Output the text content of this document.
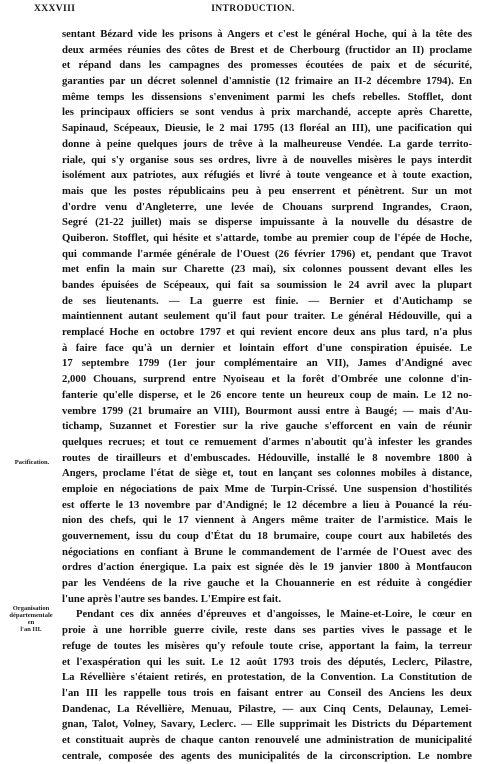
INTRODUCTION.
XXXVIII
Pacification.
Organisation
départementale
en
l'an III.
sentant Bézard vide les prisons à Angers et c'est le général Hoche, qui à la tête des
deux armées réunies des côtes de Brest et de Cherbourg (fructidor an II) proclame
et répand dans les campagnes des promesses écoutées de paix et de sécurité,
garanties par un décret solennel d'amnistie (12 frimaire an II-2 décembre 1794). En
même temps les dissensions s'enveniment parmi les chefs rebelles. Stofflet, dont
les principaux officiers se sont vendus à prix marchandé, accepte après Charette,
Sapinaud, Scépeaux, Dieusie, le 2 mai 1795 (13 floréal an III), une pacification qui
donne à peine quelques jours de trêve à la malheureuse Vendée. La garde territo-
riale, qui s'y organise sous ses ordres, livre à de nouvelles misères le pays interdit
isolément aux patriotes, aux réfugiés et livré à toute vengeance et à toute exaction,
mais que les postes républicains peu à peu enserrent et pénètrent. Sur un mot
d'ordre venu d'Angleterre, une levée de Chouans surprend Ingrandes, Craon,
Segré (21-22 juillet) mais se disperse impuissante à la nouvelle du désastre de
Quiberon. Stofflet, qui hésite et s'attarde, tombe au premier coup de l'épée de Hoche,
qui commande l'armée générale de l'Ouest (26 février 1796) et, pendant que Travot
met enfin la main sur Charette (23 mai), six colonnes poussent devant elles les
bandes épuisées de Scépeaux, qui fait sa soumission le 24 avril avec la plupart
de ses lieutenants. — La guerre est finie. — Bernier et d'Autichamp se
maintiennent autant seulement qu'il faut pour traiter. Le général Hédouville, qui a
remplacé Hoche en octobre 1797 et qui revient encore deux ans plus tard, n'a plus
à faire face qu'à un dernier et lointain effort d'une conspiration épuisée. Le
17 septembre 1799 (1er jour complémentaire an VII), James d'Andigné avec
2,000 Chouans, surprend entre Nyoiseau et la forêt d'Ombrée une colonne d'in-
fanterie qu'elle disperse, et le 26 encore tente un heureux coup de main. Le 12 no-
vembre 1799 (21 brumaire an VIII), Bourmont aussi entre à Baugé; — mais d'Au-
tichamp, Suzannet et Forestier sur la rive gauche s'efforcent en vain de réunir
quelques recrues; et tout ce remuement d'armes n'aboutit qu'à infester les grandes
routes de tirailleurs et d'embuscades. Hédouville, installé le 8 novembre 1800 à
Angers, proclame l'état de siège et, tout en lançant ses colonnes mobiles à distance,
emploie en négociations de paix Mme de Turpin-Crissé. Une suspension d'hostilités
est offerte le 13 novembre par d'Andigné; le 12 décembre a lieu à Pouancé la réu-
nion des chefs, qui le 17 viennent à Angers même traiter de l'armistice. Mais le
gouvernement, issu du coup d'État du 18 brumaire, coupe court aux habiletés des
négociations en confiant à Brune le commandement de l'armée de l'Ouest avec des
ordres d'action énergique. La paix est signée dès le 19 janvier 1800 à Montfaucon
par les Vendéens de la rive gauche et la Chouannerie en est réduite à congédier
l'une après l'autre ses bandes. L'Empire est fait.
Pendant ces dix années d'épreuves et d'angoisses, le Maine-et-Loire, le cœur en
proie à une horrible guerre civile, reste dans ses parties vives le passage et le
refuge de toutes les misères qu'y refoule toute crise, apportant la faim, la terreur
et l'exaspération qui les suit. Le 12 août 1793 trois des députés, Leclerc, Pilastre,
La Révellière s'étaient retirés, en protestation, de la Convention. La Constitution de
l'an III les rappelle tous trois en faisant entrer au Conseil des Anciens les deux
Dandenac, La Révellière, Menuau, Pilastre, — aux Cinq Cents, Delaunay, Lemei-
gnan, Talot, Volney, Savary, Leclerc. — Elle supprimait les Districts du Département
et constituait auprès de chaque canton renouvelé une administration de municipalité
centrale, composée des agents des municipalités de la circonscription. Le nombre
